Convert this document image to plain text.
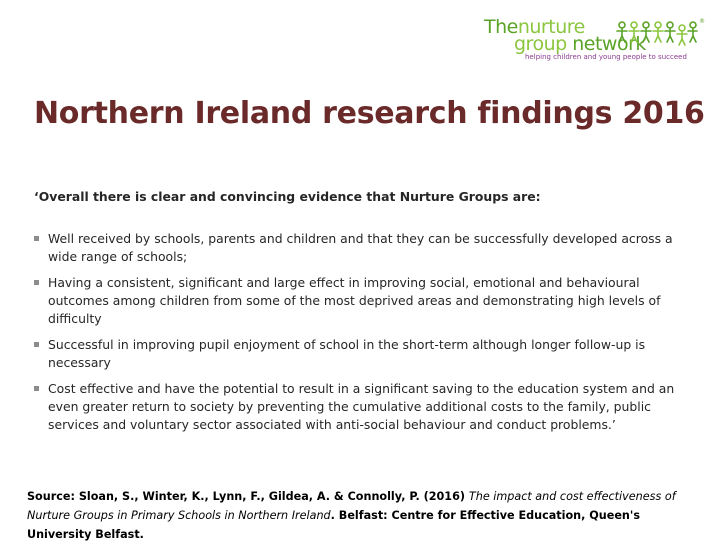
Thenurture
group network
helping children and young people to succeed
®
Northern Ireland research findings 2016
‘Overall there is clear and convincing evidence that Nurture Groups are:
Well received by schools, parents and children and that they can be successfully developed across a wide range of schools;
Having a consistent, significant and large effect in improving social, emotional and behavioural outcomes among children from some of the most deprived areas and demonstrating high levels of difficulty
Successful in improving pupil enjoyment of school in the short-term although longer follow-up is necessary
Cost effective and have the potential to result in a significant saving to the education system and an even greater return to society by preventing the cumulative additional costs to the family, public services and voluntary sector associated with anti-social behaviour and conduct problems.’
Source: Sloan, S., Winter, K., Lynn, F., Gildea, A. & Connolly, P. (2016) The impact and cost effectiveness of Nurture Groups in Primary Schools in Northern Ireland. Belfast: Centre for Effective Education, Queen's University Belfast.
